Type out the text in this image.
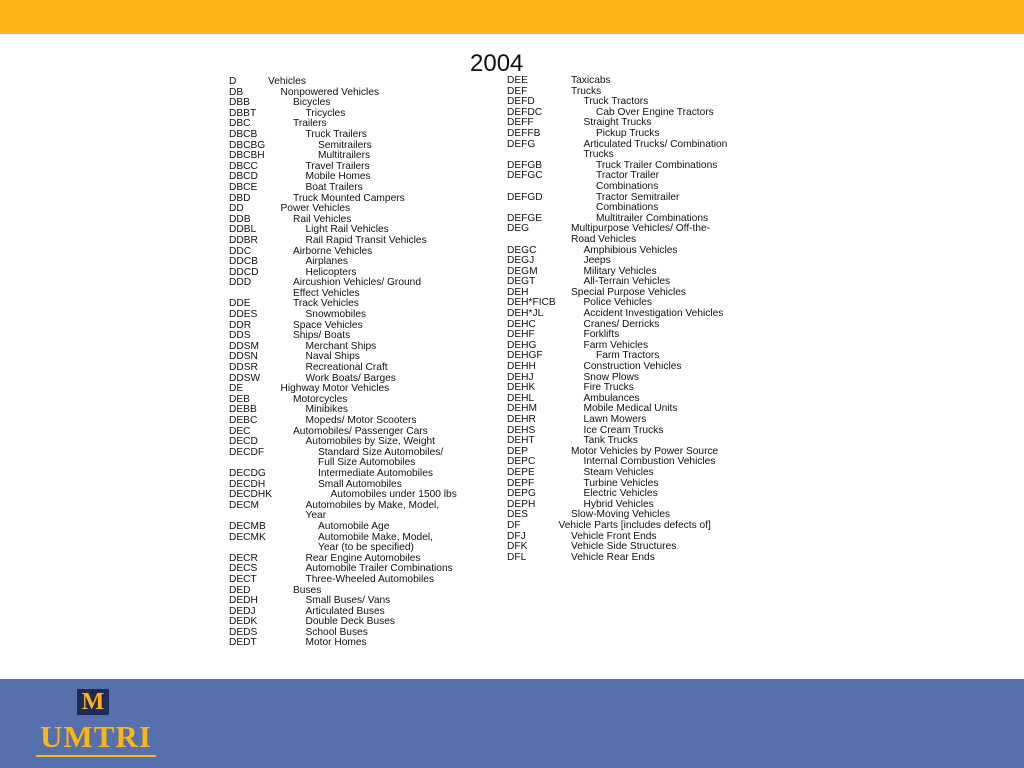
2004
D	Vehicles
DB	Nonpowered Vehicles
DBB	Bicycles
DBBT	Tricycles
DBC	Trailers
DBCB	Truck Trailers
DBCBG	Semitrailers
DBCBH	Multitrailers
DBCC	Travel Trailers
DBCD	Mobile Homes
DBCE	Boat Trailers
DBD	Truck Mounted Campers
DD	Power Vehicles
DDB	Rail Vehicles
DDBL	Light Rail Vehicles
DDBR	Rail Rapid Transit Vehicles
DDC	Airborne Vehicles
DDCB	Airplanes
DDCD	Helicopters
DDD	Aircushion Vehicles/ Ground
Effect Vehicles
DDE	Track Vehicles
DDES	Snowmobiles
DDR	Space Vehicles
DDS	Ships/ Boats
DDSM	Merchant Ships
DDSN	Naval Ships
DDSR	Recreational Craft
DDSW	Work Boats/ Barges
DE	Highway Motor Vehicles
DEB	Motorcycles
DEBB	Minibikes
DEBC	Mopeds/ Motor Scooters
DEC	Automobiles/ Passenger Cars
DECD	Automobiles by Size, Weight
DECDF	Standard Size Automobiles/
Full Size Automobiles
DECDG	Intermediate Automobiles
DECDH	Small Automobiles
DECDHK	Automobiles under 1500 lbs
DECM	Automobiles by Make, Model,
Year
DECMB	Automobile Age
DECMK	Automobile Make, Model,
Year (to be specified)
DECR	Rear Engine Automobiles
DECS	Automobile Trailer Combinations
DECT	Three-Wheeled Automobiles
DED	Buses
DEDH	Small Buses/ Vans
DEDJ	Articulated Buses
DEDK	Double Deck Buses
DEDS	School Buses
DEDT	Motor Homes
DEE	Taxicabs
DEF	Trucks
DEFD	Truck Tractors
DEFDC	Cab Over Engine Tractors
DEFF	Straight Trucks
DEFFB	Pickup Trucks
DEFG	Articulated Trucks/ Combination
Trucks
DEFGB	Truck Trailer Combinations
DEFGC	Tractor Trailer
Combinations
DEFGD	Tractor Semitrailer
Combinations
DEFGE	Multitrailer Combinations
DEG	Multipurpose Vehicles/ Off-the-
Road Vehicles
DEGC	Amphibious Vehicles
DEGJ	Jeeps
DEGM	Military Vehicles
DEGT	All-Terrain Vehicles
DEH	Special Purpose Vehicles
DEH*FICB	Police Vehicles
DEH*JL	Accident Investigation Vehicles
DEHC	Cranes/ Derricks
DEHF	Forklifts
DEHG	Farm Vehicles
DEHGF	Farm Tractors
DEHH	Construction Vehicles
DEHJ	Snow Plows
DEHK	Fire Trucks
DEHL	Ambulances
DEHM	Mobile Medical Units
DEHR	Lawn Mowers
DEHS	Ice Cream Trucks
DEHT	Tank Trucks
DEP	Motor Vehicles by Power Source
DEPC	Internal Combustion Vehicles
DEPE	Steam Vehicles
DEPF	Turbine Vehicles
DEPG	Electric Vehicles
DEPH	Hybrid Vehicles
DES	Slow-Moving Vehicles
DF	Vehicle Parts [includes defects of]
DFJ	Vehicle Front Ends
DFK	Vehicle Side Structures
DFL	Vehicle Rear Ends
M
UMTRI
